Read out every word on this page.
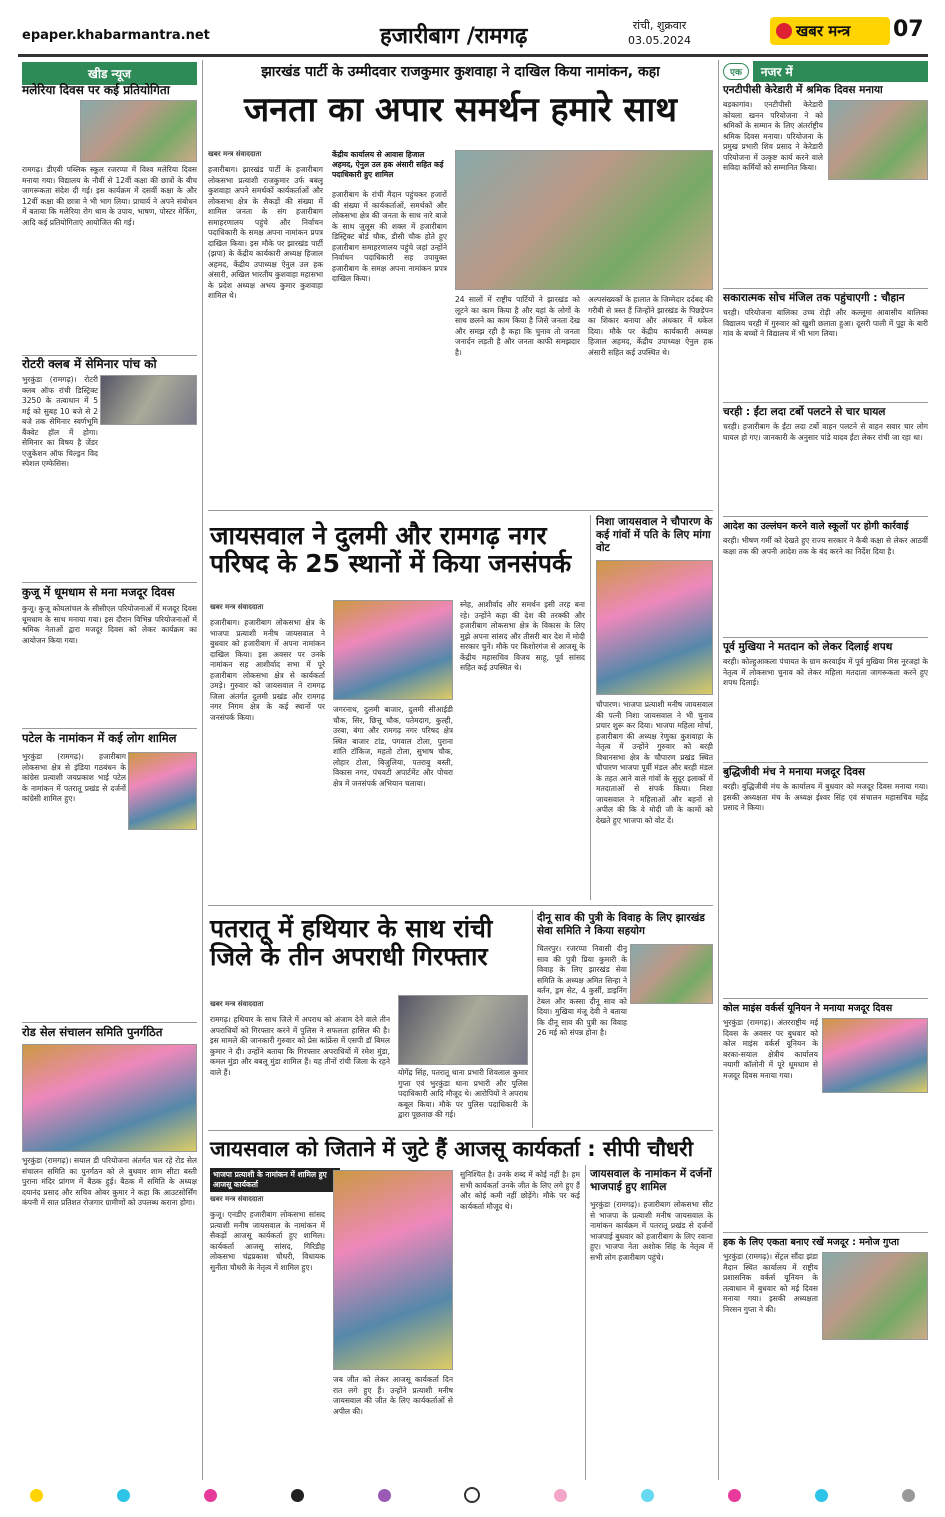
epaper.khabarmantra.net	हजारीबाग /रामगढ़	रांची, शुक्रवार
03.05.2024
खबर मन्त्र 07
खीड न्यूज
मलेरिया दिवस पर कई प्रतियोगिता
रामगढ़। डीएवी पब्लिक स्कूल रजरप्पा में विश्व मलेरिया दिवस मनाया गया। विद्यालय के नौवीं से 12वीं कक्षा की छात्रों के बीच जागरूकता संदेश दी गई। इस कार्यक्रम में दसवीं कक्षा के और 12वीं कक्षा की छात्रा ने भी भाग लिया। प्राचार्य ने अपने संबोधन में बताया कि मलेरिया रोग थाम के उपाय, भाषण, पोस्टर मेकिंग, आदि कई प्रतियोगिताएं आयोजित की गई।
रोटरी क्लब में सेमिनार पांच को
भुरकुंडा (रामगढ़)। रोटरी क्लब ऑफ रांची डिस्ट्रिक्ट 3250 के तत्वाधान में 5 मई को सुबह 10 बजे से 2 बजे तक सेमिनार स्वर्णभूमि बैंक्वेट हॉल में होगा। सेमिनार का विषय है जेंडर एजुकेशन ऑफ चिल्ड्रन विद स्पेशल एम्फेसिस।
कुजू में धूमधाम से मना मजदूर दिवस
कुजू। कुजू कोयलांचल के सीसीएल परियोजनाओं में मजदूर दिवस धूमधाम के साथ मनाया गया। इस दौरान विभिन्न परियोजनाओं में श्रमिक नेताओं द्वारा मजदूर दिवस को लेकर कार्यक्रम का आयोजन किया गया।
पटेल के नामांकन में कई लोग शामिल
भुरकुंडा (रामगढ़)। हजारीबाग लोकसभा क्षेत्र से इंडिया गठबंधन के कांग्रेस प्रत्याशी जयप्रकाश भाई पटेल के नामांकन में पतरातू प्रखंड से दर्जनों कांग्रेसी शामिल हुए।
रोड सेल संचालन समिति पुनर्गठित
भुरकुंडा (रामगढ़)। सयाल डी परियोजना अंतर्गत चल रहे रोड सेल संचालन समिति का पुनर्गठन को ले बुधवार शाम सीटा बस्ती पुराना मंदिर प्रांगण में बैठक हुई। बैठक में समिति के अध्यक्ष दयानंद प्रसाद और सचिव ओबर कुमार ने कहा कि आउटसोर्सिंग कंपनी में सात प्रतिशत रोजगार ग्रामीणों को उपलब्ध कराना होगा।
झारखंड पार्टी के उम्मीदवार राजकुमार कुशवाहा ने दाखिल किया नामांकन, कहा
जनता का अपार समर्थन हमारे साथ
खबर मन्त्र संवाददाता
हजारीबाग। झारखंड पार्टी के हजारीबाग लोकसभा प्रत्याशी राजकुमार उर्फ बबलू कुशवाहा अपने समर्थकों कार्यकर्ताओं और लोकसभा क्षेत्र के सैकड़ों की संख्या में शामिल जनता के संग हजारीबाग समाहरणालय पहुंचे और निर्वाचन पदाधिकारी के समक्ष अपना नामांकन प्रपत्र दाखिल किया। इस मौके पर झारखंड पार्टी (झपा) के केंद्रीय कार्यकारी अध्यक्ष हिजाल अहमद, केंद्रीय उपाध्यक्ष ऐनुल उल हक अंसारी, अखिल भारतीय कुशवाहा महासभा के प्रदेश अध्यक्ष अभय कुमार कुशवाहा शामिल थे।
केंद्रीय कार्यालय से आवास हिजाल अहमद, ऐनुल उल हक अंसारी सहित कई पदाधिकारी हुए शामिल
हजारीबाग के रांची मैदान पहुंचकर हजारों की संख्या में कार्यकर्ताओं, समर्थकों और लोकसभा क्षेत्र की जनता के साथ नारे बाजे के साथ जुलूस की शक्ल में हजारीबाग डिस्ट्रिक्ट बोर्ड चौक, डीसी चौक होते हुए हजारीबाग समाहरणालय पहुंचे जहां उन्होंने निर्वाचन पदाधिकारी सह उपायुक्त हजारीबाग के समक्ष अपना नामांकन प्रपत्र दाखिल किया।
24 सालों में राष्ट्रीय पार्टियों ने झारखंड को लूटने का काम किया है और यहां के लोगों के साथ छलने का काम किया है जिसे जनता देख और समझ रही है कहा कि चुनाव तो जनता जनार्दन लड़ती है और जनता काफी समझदार है।
अल्पसंख्यकों के हालात के जिम्मेदार दर्दबद की गरीबी से त्रस्त हैं जिन्होंने झारखंड के पिछड़ेपन का शिकार बनाया और अंधकार में धकेल दिया। मौके पर केंद्रीय कार्यकारी अध्यक्ष हिजाल अहमद, केंद्रीय उपाध्यक्ष ऐनुल हक अंसारी सहित कई उपस्थित थे।
जायसवाल ने दुलमी और रामगढ़ नगर परिषद के 25 स्थानों में किया जनसंपर्क
खबर मन्त्र संवाददाता
हजारीबाग। हजारीबाग लोकसभा क्षेत्र के भाजपा प्रत्याशी मनीष जायसवाल ने बुधवार को हजारीबाग में अपना नामांकन दाखिल किया। इस अवसर पर उनके नामांकन सह आशीर्वाद सभा में पूरे हजारीबाग लोकसभा क्षेत्र से कार्यकर्ता उमड़े। गुरुवार को जायसवाल ने रामगढ़ जिला अंतर्गत दुलमी प्रखंड और रामगढ़ नगर निगम क्षेत्र के कई स्थानों पर जनसंपर्क किया।
जगरनाथ, दुलमी बाजार, दुलमी सीआईडी चौक, सिर, छित्तू चौक, पतेमदाग, कुल्ही, उरबा, बंगा और रामगढ़ नगर परिषद क्षेत्र स्थित बाजार टांड, पगवाल टोला, पुराना शांति टॉकिज, महतो टोला, सुभाष चौक, लोहार टोला, बिजुलिया, पतराबु बस्ती, विकास नगर, पंचवटी अपार्टमेंट और पोचरा क्षेत्र में जनसंपर्क अभियान चलाया।
स्नेह, आशीर्वाद और समर्थन इसी तरह बना रहे। उन्होंने कहा की देश की तरक्की और हजारीबाग लोकसभा क्षेत्र के विकास के लिए मुझे अपना सांसद और तीसरी बार देश में मोदी सरकार चुनें। मौके पर किशोरगंज से आजसू के केंद्रीय महासचिव विजय साहू, पूर्व सांसद सहित कई उपस्थित थे।
निशा जायसवाल ने चौपारण के कई गांवों में पति के लिए मांगा वोट
चौपारण। भाजपा प्रत्याशी मनीष जायसवाल की पत्नी निशा जायसवाल ने भी चुनाव प्रचार शुरू कर दिया। भाजपा महिला मोर्चा, हजारीबाग की अध्यक्ष रेणुका कुशवाहा के नेतृत्व में उन्होंने गुरुवार को बरही विधानसभा क्षेत्र के चौपारण प्रखंड स्थित चौपारण भाजपा पूर्वी मंडल और बरही मंडल के तहत आने वाले गांवों के सुदूर इलाकों में मतदाताओं से संपर्क किया। निशा जायसवाल ने महिलाओं और बहनों से अपील की कि वे मोदी जी के कामों को देखते हुए भाजपा को वोट दें।
पतरातू में हथियार के साथ रांची जिले के तीन अपराधी गिरफ्तार
खबर मन्त्र संवाददाता
रामगढ़। हथियार के साथ जिले में अपराध को अंजाम देने वाले तीन अपराधियों को गिरफ्तार करने में पुलिस ने सफलता हासिल की है। इस मामले की जानकारी गुरुवार को प्रेस कांफ्रेंस में एसपी डॉ बिमल कुमार ने दी। उन्होंने बताया कि गिरफ्तार अपराधियों में रमेश मुंडा, कमल मुंडा और बबलू मुंडा शामिल हैं। यह तीनों रांची जिला के रहने वाले हैं।	योगेंद्र सिंह, पतरातू थाना प्रभारी शिवलाल कुमार गुप्ता एवं भुरकुंडा थाना प्रभारी और पुलिस पदाधिकारी आदि मौजूद थे। आरोपियों ने अपराध कबूल किया। मौके पर पुलिस पदाधिकारी के द्वारा पूछताछ की गई।
दीनू साव की पुत्री के विवाह के लिए झारखंड सेवा समिति ने किया सहयोग
चितरपुर। रजरप्पा निवासी दीनू साव की पुत्री प्रिया कुमारी के विवाह के लिए झारखंड सेवा समिति के अध्यक्ष अमित सिन्हा ने बर्तन, ड्रम सेट, 4 कुर्सी, डाइनिंग टेबल और कस्सा दीनू साव को दिया। मुखिया मंजू देवी ने बताया कि दीनू साव की पुत्री का विवाह 26 मई को संपन्न होना है।
जायसवाल को जिताने में जुटे हैं आजसू कार्यकर्ता : सीपी चौधरी
भाजपा प्रत्याशी के नामांकन में शामिल हुए आजसू कार्यकर्ता
खबर मन्त्र संवाददाता
कुजू। एनडीए हजारीबाग लोकसभा सांसद प्रत्याशी मनीष जायसवाल के नामांकन में सैकड़ों आजसू कार्यकर्ता हुए शामिल। कार्यकर्ता आजसू सांसद, गिरिडीह लोकसभा चंद्रप्रकाश चौधरी, विधायक सुनीता चौधरी के नेतृत्व में शामिल हुए।
जब जीत को लेकर आजसू कार्यकर्ता दिन रात लगे हुए हैं। उन्होंने प्रत्याशी मनीष जायसवाल की जीत के लिए कार्यकर्ताओं से अपील की।
सुनिश्चित है। उनके शब्द में कोई नहीं है। हम सभी कार्यकर्ता उनके जीत के लिए लगे हुए हैं और कोई कमी नहीं छोड़ेंगे। मौके पर कई कार्यकर्ता मौजूद थे।
जायसवाल के नामांकन में दर्जनों भाजपाई हुए शामिल
भुरकुंडा (रामगढ़)। हजारीबाग लोकसभा सीट से भाजपा के प्रत्याशी मनीष जायसवाल के नामांकन कार्यक्रम में पतरातू प्रखंड से दर्जनों भाजपाई बुधवार को हजारीबाग के लिए रवाना हुए। भाजपा नेता अशोक सिंह के नेतृत्व में सभी लोग हजारीबाग पहुंचे।
एक	नजर में
एनटीपीसी केरेडारी में श्रमिक दिवस मनाया
बड़कागांव। एनटीपीसी केरेडारी कोयला खनन परियोजना ने को श्रमिकों के सम्मान के लिए अंतर्राष्ट्रीय श्रमिक दिवस मनाया। परियोजना के प्रमुख प्रभारी शिव प्रसाद ने केरेडारी परियोजना में उत्कृष्ट कार्य करने वाले सविदा कर्मियों को सम्मानित किया।
सकारात्मक सोच मंजिल तक पहुंचाएगी : चौहान
चरही। परियोजना बालिका उच्च रोड़ी और कल्लूमा आवासीय बालिका विद्यालय चरही में गुरुवार को खुशी छलाता हुआ। दूसरी पाली में पुट्टा के बारी गांव के बच्चों ने विद्यालय में भी भाग लिया।
चरही : ईंटा लदा टर्बो पलटने से चार घायल
चरही। हजारीबाग के ईंटा लदा टर्बो वाहन पलटने से वाहन सवार चार लोग घायल हो गए। जानकारी के अनुसार पांडे यादव ईंटा लेकर रांची जा रहा था।
आदेश का उल्लंघन करने वाले स्कूलों पर होगी कार्रवाई
बरही। भीषण गर्मी को देखते हुए राज्य सरकार ने कैबी कक्षा से लेकर आठवीं कक्षा तक की अपनी आदेश तक के बंद करने का निर्देश दिया है।
पूर्व मुखिया ने मतदान को लेकर दिलाई शपथ
बरही। कोल्हुआकला पंचायत के ग्राम करवाईय में पूर्व मुखिया मिस नूरजहां के नेतृत्व में लोकसभा चुनाव को लेकर महिला मतदाता जागरूकता करने हुए शपथ दिलाई।
बुद्धिजीवी मंच ने मनाया मजदूर दिवस
बरही। बुद्धिजीवी मंच के कार्यालय में बुधवार को मजदूर दिवस मनाया गया। इसकी अध्यक्षता मंच के अध्यक्ष ईश्वर सिंह एवं संचालन महासचिव महेंद्र प्रसाद ने किया।
कोल माइंस वर्कर्स यूनियन ने मनाया मजदूर दिवस
भुरकुंडा (रामगढ़)। अंतरराष्ट्रीय मई दिवस के अवसर पर बुधवार को कोल माइंस वर्कर्स यूनियन के बरका-सयाल क्षेत्रीय कार्यालय नयागी कॉलोनी में पूरे धूमधाम से मजदूर दिवस मनाया गया।
हक के लिए एकता बनाए रखें मजदूर : मनोज गुप्ता
भुरकुंडा (रामगढ़)। सेंट्रल सौंदा झंडा मैदान स्थित कार्यालय में राष्ट्रीय प्रशासनिक वर्कर्स यूनियन के तत्वाधान में बुधवार को मई दिवस मनाया गया। इसकी अध्यक्षता निरसन गुप्ता ने की।
